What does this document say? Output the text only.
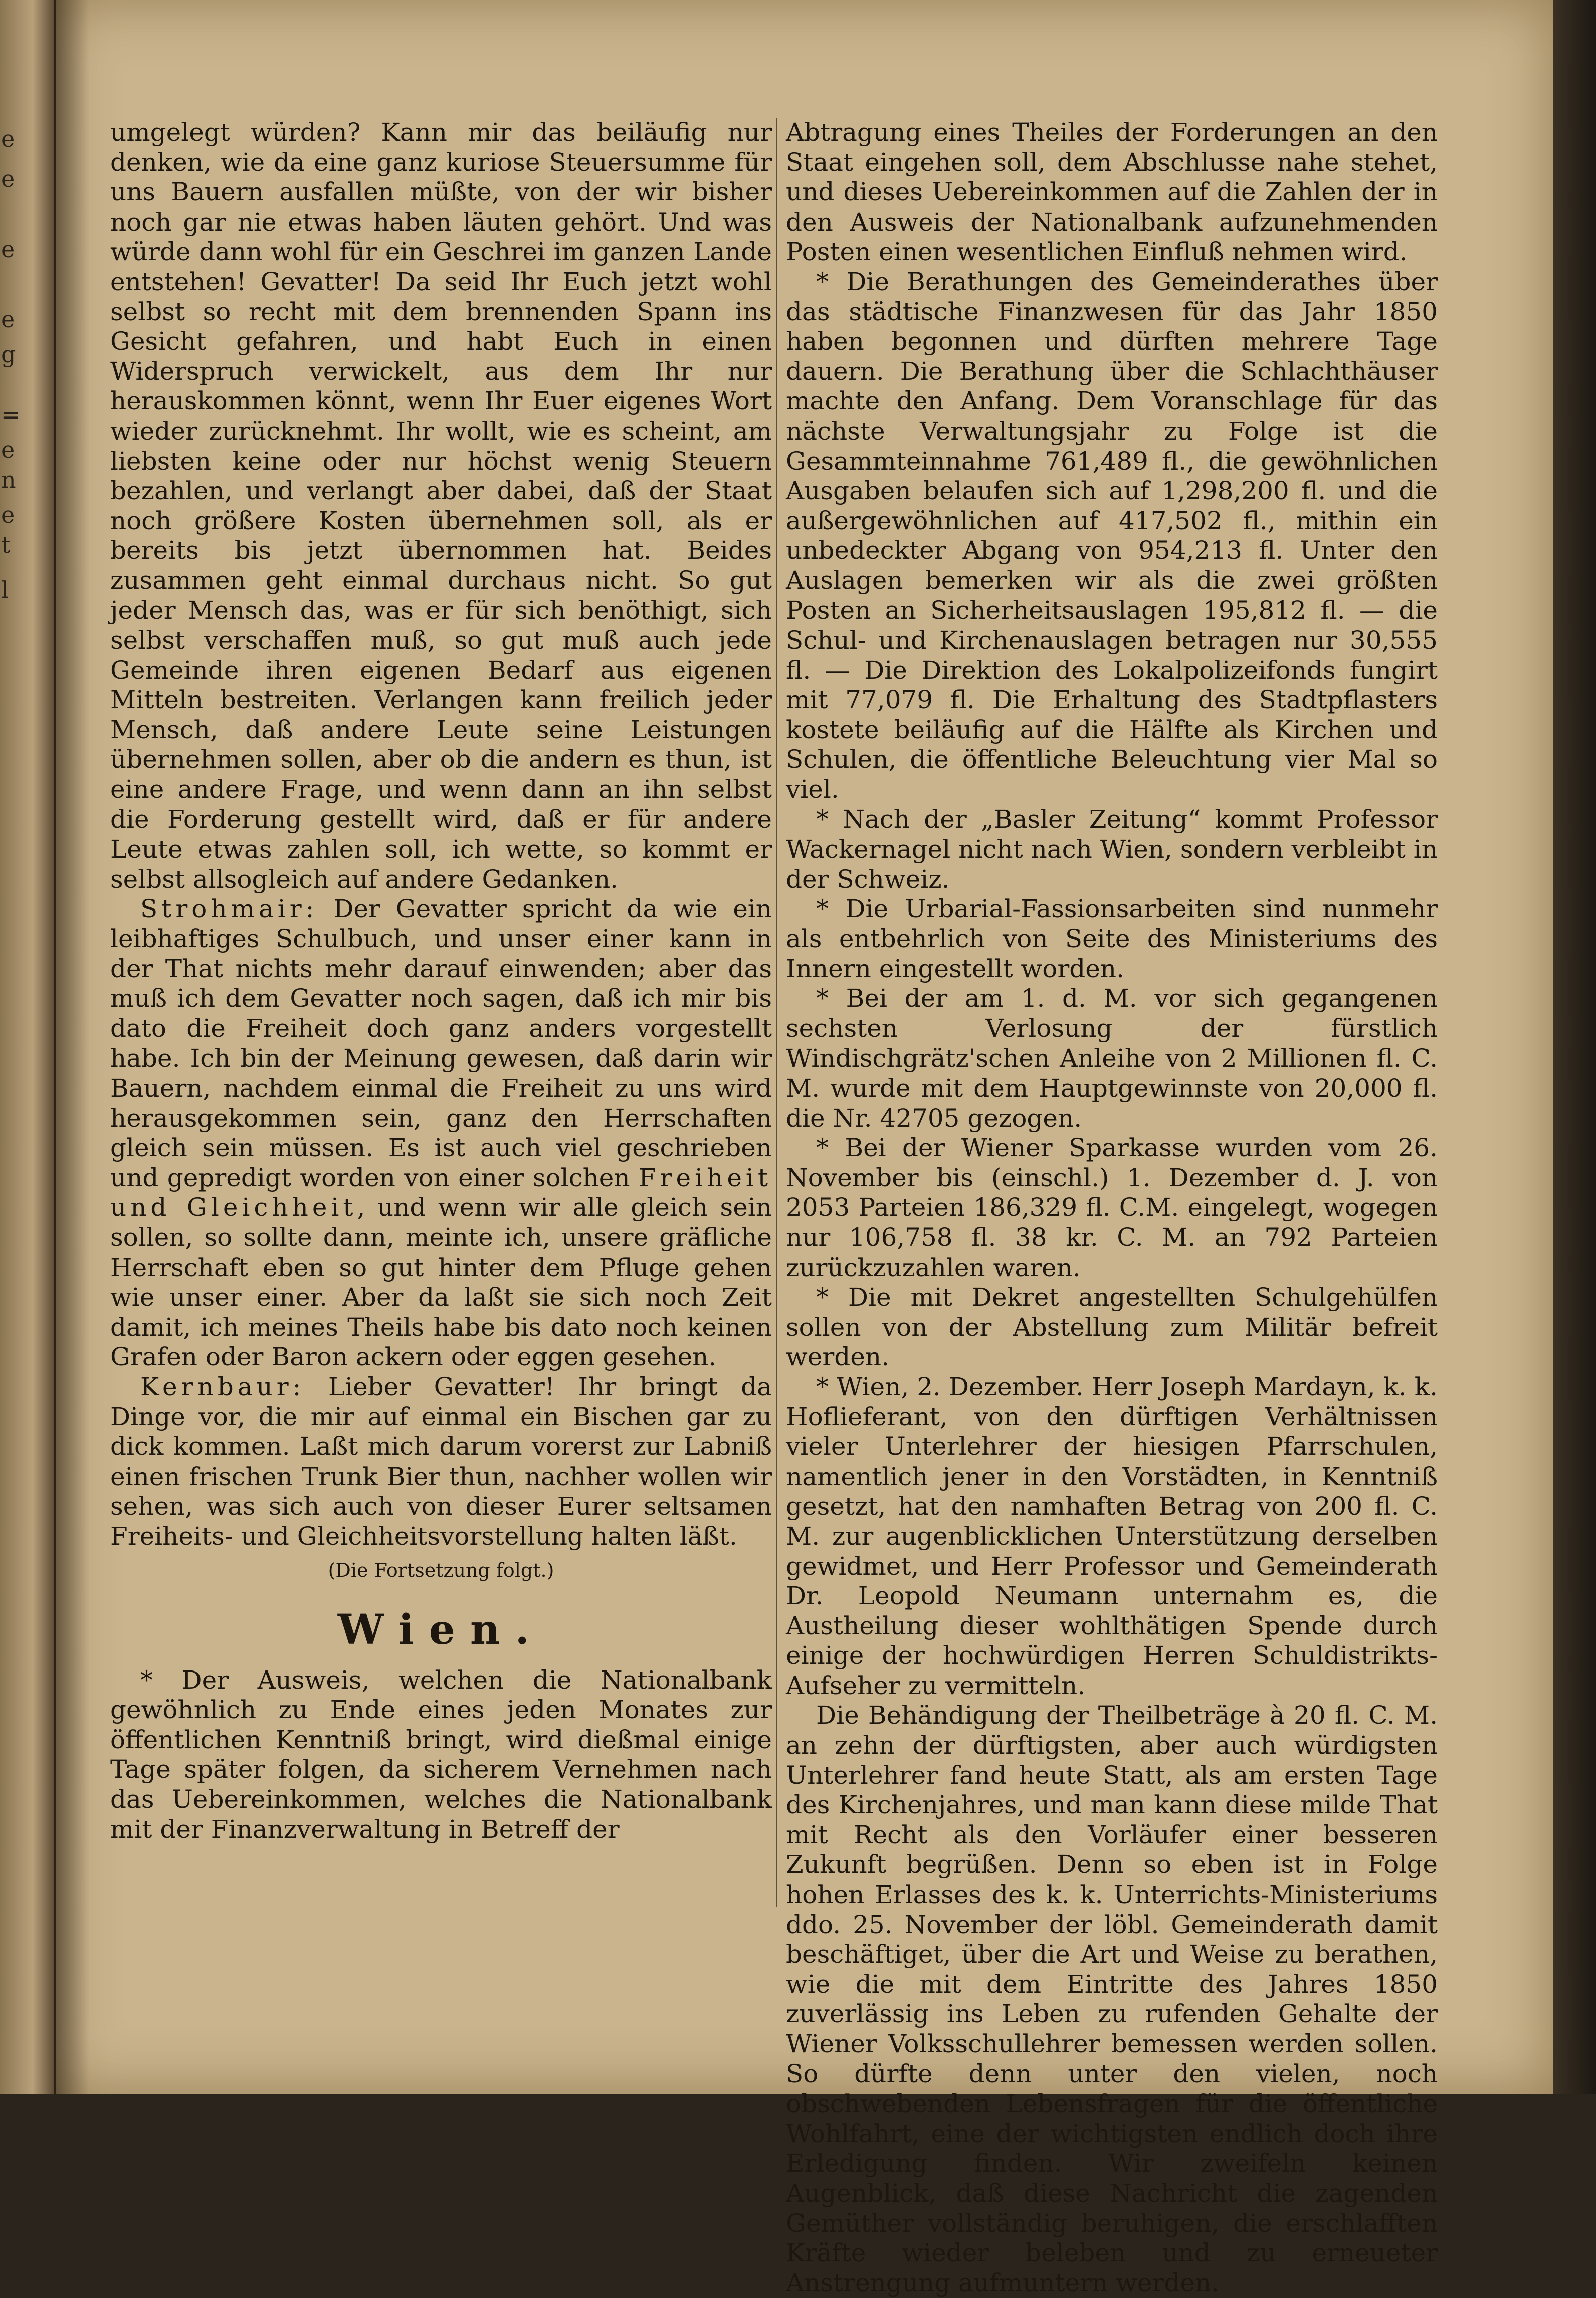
e
e
e
e
g
=
e
n
e
t
l

umgelegt würden? Kann mir das beiläufig nur denken, wie da eine ganz kuriose Steuersumme für uns Bauern ausfallen müßte, von der wir bisher noch gar nie etwas haben läuten gehört. Und was würde dann wohl für ein Geschrei im ganzen Lande entstehen! Gevatter! Da seid Ihr Euch jetzt wohl selbst so recht mit dem brennenden Spann ins Gesicht gefahren, und habt Euch in einen Widerspruch verwickelt, aus dem Ihr nur herauskommen könnt, wenn Ihr Euer eigenes Wort wieder zurücknehmt. Ihr wollt, wie es scheint, am liebsten keine oder nur höchst wenig Steuern bezahlen, und verlangt aber dabei, daß der Staat noch größere Kosten übernehmen soll, als er bereits bis jetzt übernommen hat. Beides zusammen geht einmal durchaus nicht. So gut jeder Mensch das, was er für sich benöthigt, sich selbst verschaffen muß, so gut muß auch jede Gemeinde ihren eigenen Bedarf aus eigenen Mitteln bestreiten. Verlangen kann freilich jeder Mensch, daß andere Leute seine Leistungen übernehmen sollen, aber ob die andern es thun, ist eine andere Frage, und wenn dann an ihn selbst die Forderung gestellt wird, daß er für andere Leute etwas zahlen soll, ich wette, so kommt er selbst allsogleich auf andere Gedanken.

Strohmair: Der Gevatter spricht da wie ein leibhaftiges Schulbuch, und unser einer kann in der That nichts mehr darauf einwenden; aber das muß ich dem Gevatter noch sagen, daß ich mir bis dato die Freiheit doch ganz anders vorgestellt habe. Ich bin der Meinung gewesen, daß darin wir Bauern, nachdem einmal die Freiheit zu uns wird herausgekommen sein, ganz den Herrschaften gleich sein müssen. Es ist auch viel geschrieben und gepredigt worden von einer solchen Freiheit und Gleichheit, und wenn wir alle gleich sein sollen, so sollte dann, meinte ich, unsere gräfliche Herrschaft eben so gut hinter dem Pfluge gehen wie unser einer. Aber da laßt sie sich noch Zeit damit, ich meines Theils habe bis dato noch keinen Grafen oder Baron ackern oder eggen gesehen.

Kernbaur: Lieber Gevatter! Ihr bringt da Dinge vor, die mir auf einmal ein Bischen gar zu dick kommen. Laßt mich darum vorerst zur Labniß einen frischen Trunk Bier thun, nachher wollen wir sehen, was sich auch von dieser Eurer seltsamen Freiheits- und Gleichheitsvorstellung halten läßt.

(Die Fortsetzung folgt.)

Wien.

* Der Ausweis, welchen die Nationalbank gewöhnlich zu Ende eines jeden Monates zur öffentlichen Kenntniß bringt, wird dießmal einige Tage später folgen, da sicherem Vernehmen nach das Uebereinkommen, welches die Nationalbank mit der Finanzverwaltung in Betreff der

Abtragung eines Theiles der Forderungen an den Staat eingehen soll, dem Abschlusse nahe stehet, und dieses Uebereinkommen auf die Zahlen der in den Ausweis der Nationalbank aufzunehmenden Posten einen wesentlichen Einfluß nehmen wird.

* Die Berathungen des Gemeinderathes über das städtische Finanzwesen für das Jahr 1850 haben begonnen und dürften mehrere Tage dauern. Die Berathung über die Schlachthäuser machte den Anfang. Dem Voranschlage für das nächste Verwaltungsjahr zu Folge ist die Gesammteinnahme 761,489 fl., die gewöhnlichen Ausgaben belaufen sich auf 1,298,200 fl. und die außergewöhnlichen auf 417,502 fl., mithin ein unbedeckter Abgang von 954,213 fl. Unter den Auslagen bemerken wir als die zwei größten Posten an Sicherheitsauslagen 195,812 fl. — die Schul- und Kirchenauslagen betragen nur 30,555 fl. — Die Direktion des Lokalpolizeifonds fungirt mit 77,079 fl. Die Erhaltung des Stadtpflasters kostete beiläufig auf die Hälfte als Kirchen und Schulen, die öffentliche Beleuchtung vier Mal so viel.

* Nach der „Basler Zeitung“ kommt Professor Wackernagel nicht nach Wien, sondern verbleibt in der Schweiz.

* Die Urbarial-Fassionsarbeiten sind nunmehr als entbehrlich von Seite des Ministeriums des Innern eingestellt worden.

* Bei der am 1. d. M. vor sich gegangenen sechsten Verlosung der fürstlich Windischgrätz'schen Anleihe von 2 Millionen fl. C. M. wurde mit dem Hauptgewinnste von 20,000 fl. die Nr. 42705 gezogen.

* Bei der Wiener Sparkasse wurden vom 26. November bis (einschl.) 1. Dezember d. J. von 2053 Parteien 186,329 fl. C.M. eingelegt, wogegen nur 106,758 fl. 38 kr. C. M. an 792 Parteien zurückzuzahlen waren.

* Die mit Dekret angestellten Schulgehülfen sollen von der Abstellung zum Militär befreit werden.

* Wien, 2. Dezember. Herr Joseph Mardayn, k. k. Hoflieferant, von den dürftigen Verhältnissen vieler Unterlehrer der hiesigen Pfarrschulen, namentlich jener in den Vorstädten, in Kenntniß gesetzt, hat den namhaften Betrag von 200 fl. C. M. zur augenblicklichen Unterstützung derselben gewidmet, und Herr Professor und Gemeinderath Dr. Leopold Neumann unternahm es, die Austheilung dieser wohlthätigen Spende durch einige der hochwürdigen Herren Schuldistrikts-Aufseher zu vermitteln.

Die Behändigung der Theilbeträge à 20 fl. C. M. an zehn der dürftigsten, aber auch würdigsten Unterlehrer fand heute Statt, als am ersten Tage des Kirchenjahres, und man kann diese milde That mit Recht als den Vorläufer einer besseren Zukunft begrüßen. Denn so eben ist in Folge hohen Erlasses des k. k. Unterrichts-Ministeriums ddo. 25. November der löbl. Gemeinderath damit beschäftiget, über die Art und Weise zu berathen, wie die mit dem Eintritte des Jahres 1850 zuverlässig ins Leben zu rufenden Gehalte der Wiener Volksschullehrer bemessen werden sollen. So dürfte denn unter den vielen, noch obschwebenden Lebensfragen für die öffentliche Wohlfahrt, eine der wichtigsten endlich doch ihre Erledigung finden. Wir zweifeln keinen Augenblick, daß diese Nachricht die zagenden Gemüther vollständig beruhigen, die erschlafften Kräfte wieder beleben und zu erneueter Anstrengung aufmuntern werden.
